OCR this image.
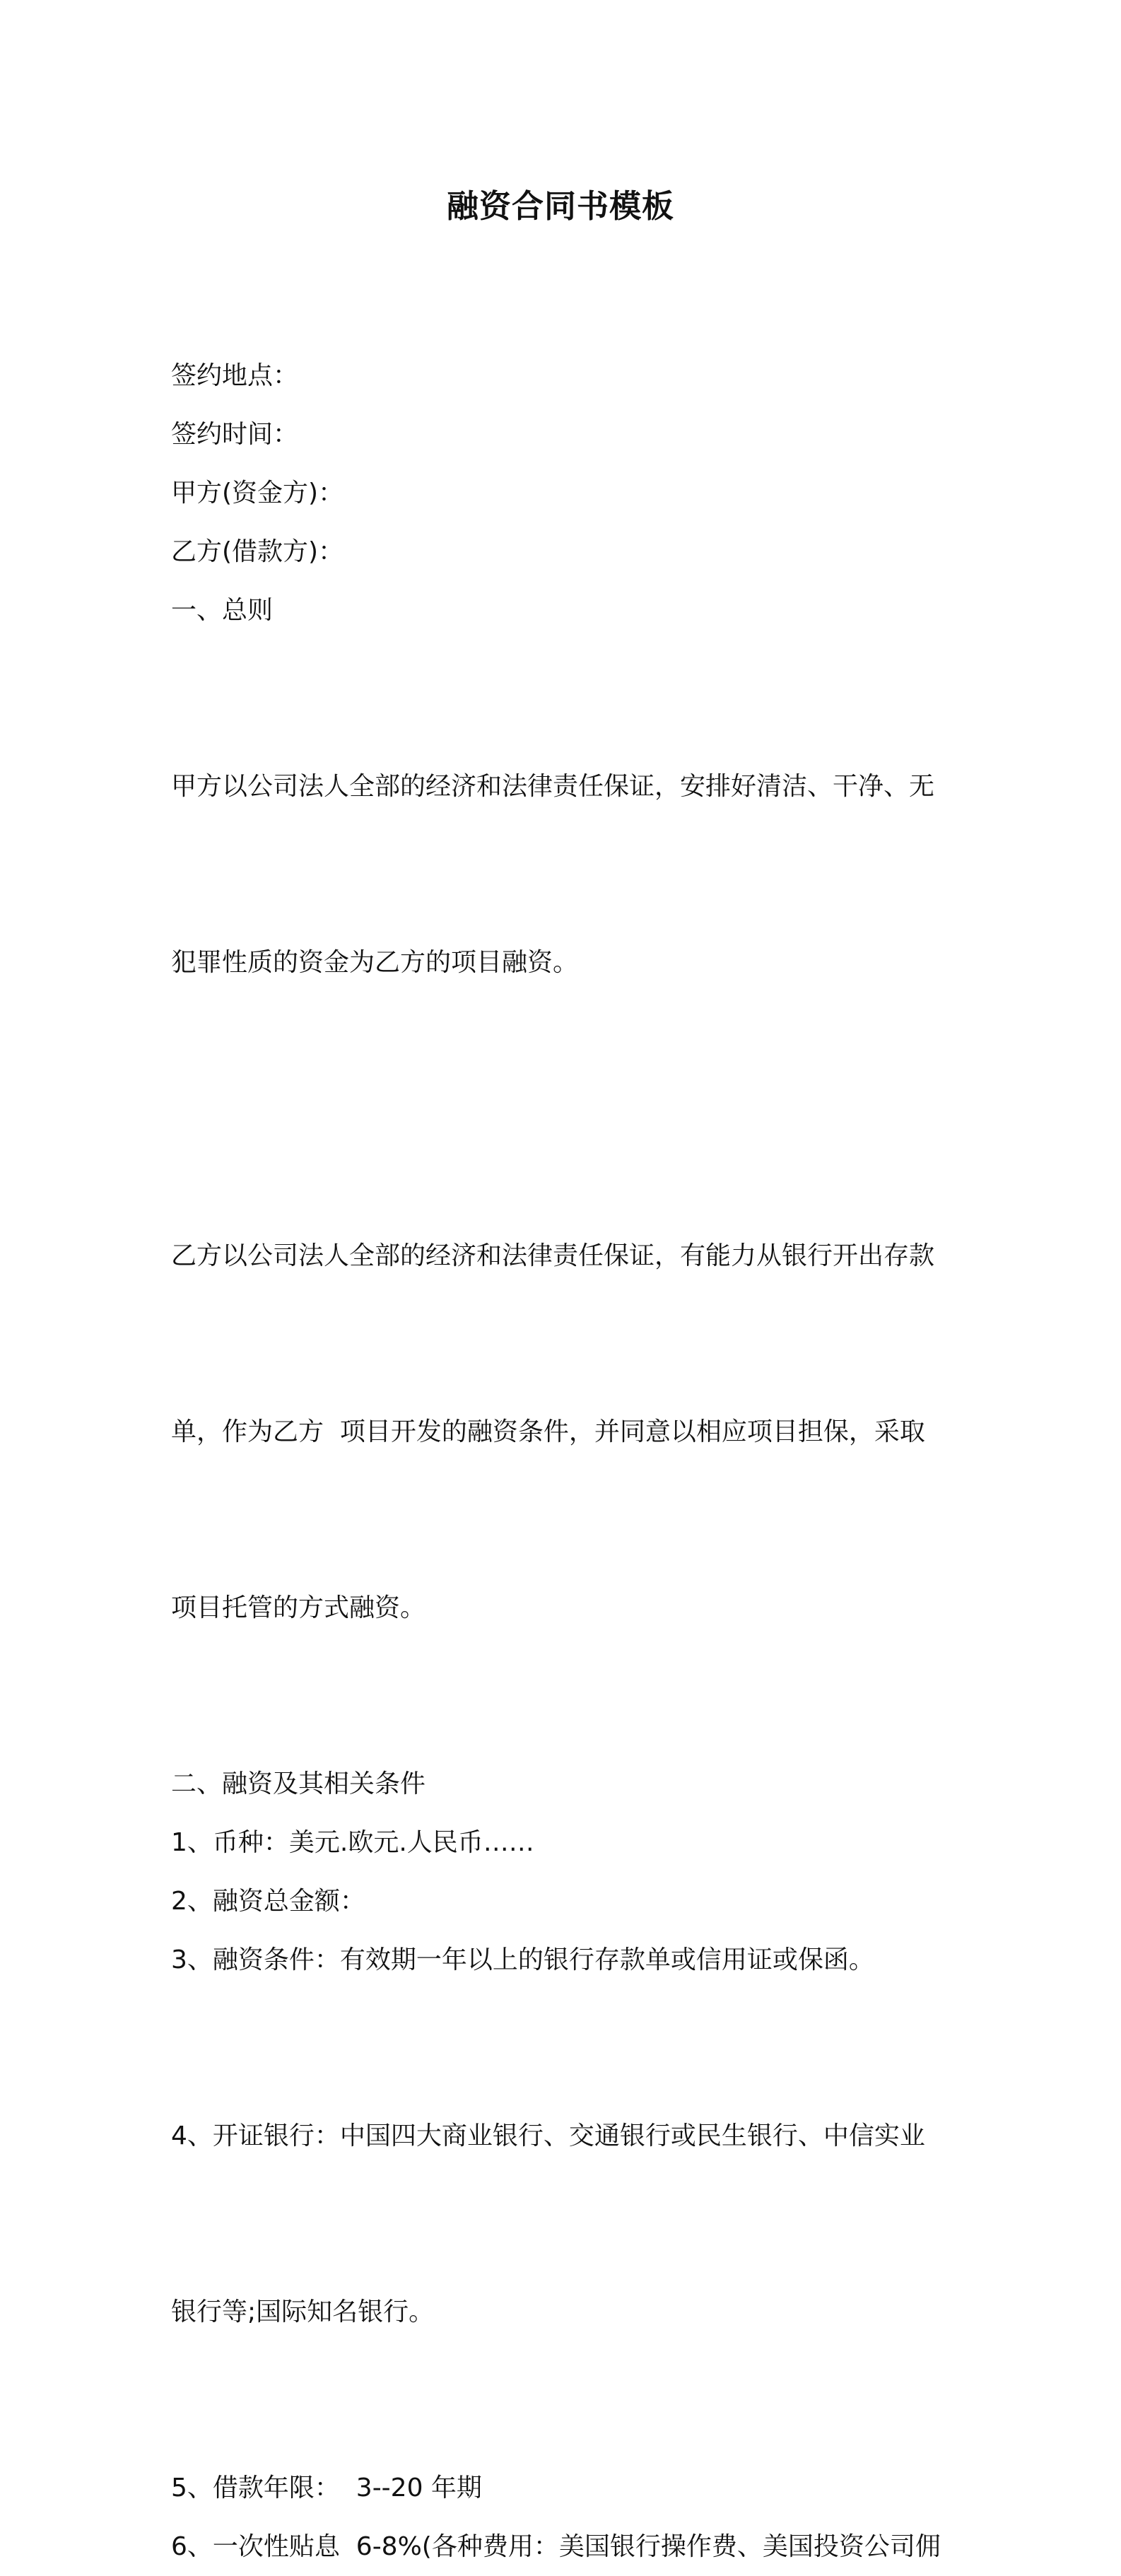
融资合同书模板

签约地点：

签约时间：

甲方(资金方)：

乙方(借款方)：

一、总则

甲方以公司法人全部的经济和法律责任保证，安排好清洁、干净、无

犯罪性质的资金为乙方的项目融资。

乙方以公司法人全部的经济和法律责任保证，有能力从银行开出存款

单，作为乙方  项目开发的融资条件，并同意以相应项目担保，采取

项目托管的方式融资。

二、融资及其相关条件

1、币种：美元.欧元.人民币……

2、融资总金额：

3、融资条件：有效期一年以上的银行存款单或信用证或保函。

4、开证银行：中国四大商业银行、交通银行或民生银行、中信实业

银行等;国际知名银行。

5、借款年限：  3--20 年期

6、一次性贴息  6-8%(各种费用：美国银行操作费、美国投资公司佣
